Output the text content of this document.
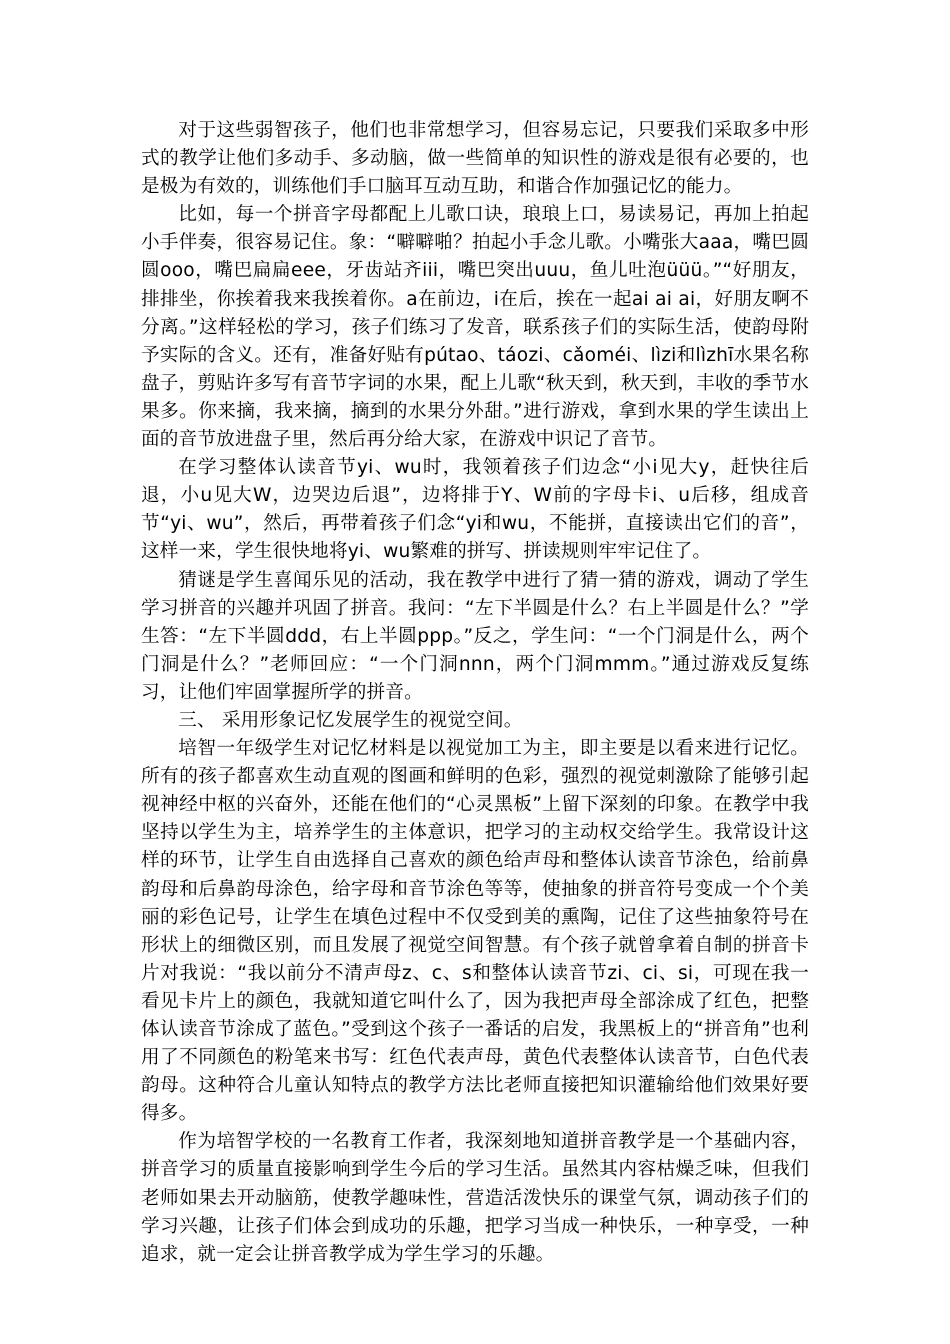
对于这些弱智孩子，他们也非常想学习，但容易忘记，只要我们采取多中形式的教学让他们多动手、多动脑，做一些简单的知识性的游戏是很有必要的，也是极为有效的，训练他们手口脑耳互动互助，和谐合作加强记忆的能力。

比如，每一个拼音字母都配上儿歌口诀，琅琅上口，易读易记，再加上拍起小手伴奏，很容易记住。象：“噼噼啪？拍起小手念儿歌。小嘴张大aaa，嘴巴圆圆ooo，嘴巴扁扁eee，牙齿站齐iii，嘴巴突出uuu，鱼儿吐泡üüü。”“好朋友，排排坐，你挨着我来我挨着你。a在前边，i在后，挨在一起ai ai ai，好朋友啊不分离。”这样轻松的学习，孩子们练习了发音，联系孩子们的实际生活，使韵母附予实际的含义。还有，准备好贴有pútao、táozi、cǎoméi、lìzi和lìzhī水果名称盘子，剪贴许多写有音节字词的水果，配上儿歌“秋天到，秋天到，丰收的季节水果多。你来摘，我来摘，摘到的水果分外甜。”进行游戏，拿到水果的学生读出上面的音节放进盘子里，然后再分给大家，在游戏中识记了音节。

在学习整体认读音节yi、wu时，我领着孩子们边念“小i见大y，赶快往后退，小u见大W，边哭边后退”，边将排于Y、W前的字母卡i、u后移，组成音节“yi、wu”，然后，再带着孩子们念“yi和wu，不能拼，直接读出它们的音”，这样一来，学生很快地将yi、wu繁难的拼写、拼读规则牢牢记住了。

猜谜是学生喜闻乐见的活动，我在教学中进行了猜一猜的游戏，调动了学生学习拼音的兴趣并巩固了拼音。我问：“左下半圆是什么？右上半圆是什么？”学生答：“左下半圆ddd，右上半圆ppp。”反之，学生问：“一个门洞是什么，两个门洞是什么？”老师回应：“一个门洞nnn，两个门洞mmm。”通过游戏反复练习，让他们牢固掌握所学的拼音。

三、 采用形象记忆发展学生的视觉空间。

培智一年级学生对记忆材料是以视觉加工为主，即主要是以看来进行记忆。所有的孩子都喜欢生动直观的图画和鲜明的色彩，强烈的视觉刺激除了能够引起视神经中枢的兴奋外，还能在他们的“心灵黑板”上留下深刻的印象。在教学中我坚持以学生为主，培养学生的主体意识，把学习的主动权交给学生。我常设计这样的环节，让学生自由选择自己喜欢的颜色给声母和整体认读音节涂色，给前鼻韵母和后鼻韵母涂色，给字母和音节涂色等等，使抽象的拼音符号变成一个个美丽的彩色记号，让学生在填色过程中不仅受到美的熏陶，记住了这些抽象符号在形状上的细微区别，而且发展了视觉空间智慧。有个孩子就曾拿着自制的拼音卡片对我说：“我以前分不清声母z、c、s和整体认读音节zi、ci、si，可现在我一看见卡片上的颜色，我就知道它叫什么了，因为我把声母全部涂成了红色，把整体认读音节涂成了蓝色。”受到这个孩子一番话的启发，我黑板上的“拼音角”也利用了不同颜色的粉笔来书写：红色代表声母，黄色代表整体认读音节，白色代表韵母。这种符合儿童认知特点的教学方法比老师直接把知识灌输给他们效果好要得多。

作为培智学校的一名教育工作者，我深刻地知道拼音教学是一个基础内容，拼音学习的质量直接影响到学生今后的学习生活。虽然其内容枯燥乏味，但我们老师如果去开动脑筋，使教学趣味性，营造活泼快乐的课堂气氛，调动孩子们的学习兴趣，让孩子们体会到成功的乐趣，把学习当成一种快乐，一种享受，一种追求，就一定会让拼音教学成为学生学习的乐趣。
